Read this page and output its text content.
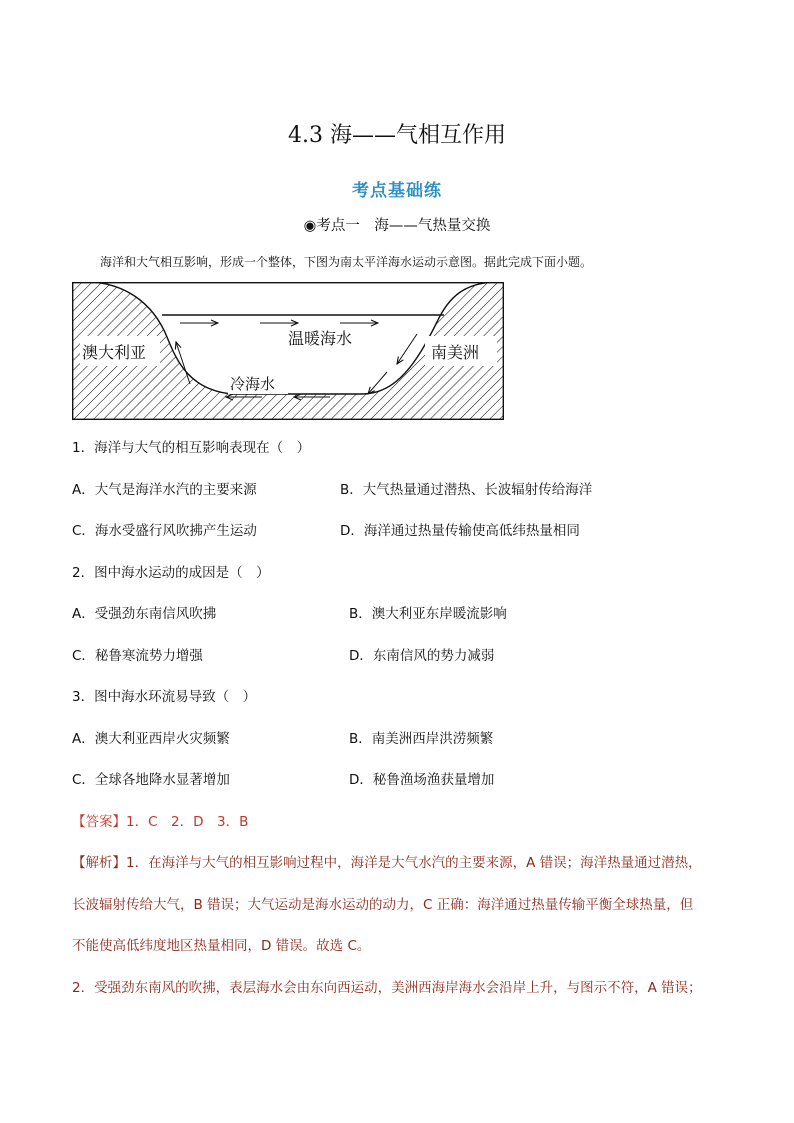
4.3 海——气相互作用
考点基础练
◉考点一　海——气热量交换
海洋和大气相互影响，形成一个整体，下图为南太平洋海水运动示意图。据此完成下面小题。
澳大利亚	南美洲
温暖海水
冷海水
1．海洋与大气的相互影响表现在（　）
A．大气是海洋水汽的主要来源	B．大气热量通过潜热、长波辐射传给海洋
C．海水受盛行风吹拂产生运动	D．海洋通过热量传输使高低纬热量相同
2．图中海水运动的成因是（　）
A．受强劲东南信风吹拂	B．澳大利亚东岸暖流影响
C．秘鲁寒流势力增强	D．东南信风的势力减弱
3．图中海水环流易导致（　）
A．澳大利亚西岸火灾频繁	B．南美洲西岸洪涝频繁
C．全球各地降水显著增加	D．秘鲁渔场渔获量增加
【答案】1．C　2．D　3．B
【解析】1．在海洋与大气的相互影响过程中，海洋是大气水汽的主要来源，A 错误；海洋热量通过潜热，
长波辐射传给大气，B 错误；大气运动是海水运动的动力，C 正确：海洋通过热量传输平衡全球热量，但
不能使高低纬度地区热量相同，D 错误。故选 C。
2．受强劲东南风的吹拂，表层海水会由东向西运动，美洲西海岸海水会沿岸上升，与图示不符，A 错误；
